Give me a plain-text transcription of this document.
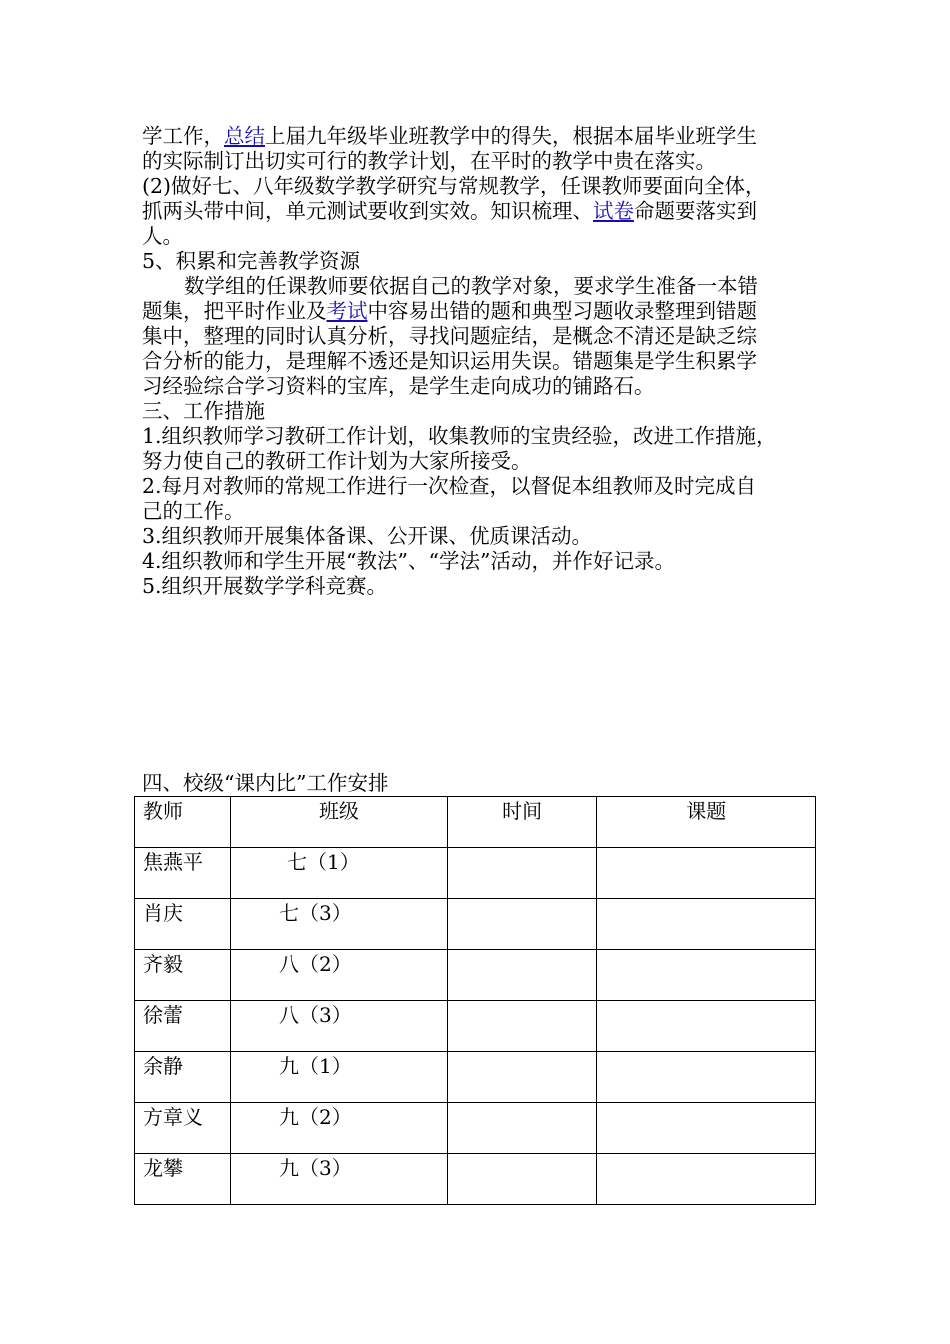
学工作，总结上届九年级毕业班教学中的得失，根据本届毕业班学生
的实际制订出切实可行的教学计划，在平时的教学中贵在落实。
(2)做好七、八年级数学教学研究与常规教学，任课教师要面向全体，
抓两头带中间，单元测试要收到实效。知识梳理、试卷命题要落实到
人。
5、积累和完善教学资源
数学组的任课教师要依据自己的教学对象，要求学生准备一本错
题集，把平时作业及考试中容易出错的题和典型习题收录整理到错题
集中，整理的同时认真分析，寻找问题症结，是概念不清还是缺乏综
合分析的能力，是理解不透还是知识运用失误。错题集是学生积累学
习经验综合学习资料的宝库，是学生走向成功的铺路石。
三、工作措施
1.组织教师学习教研工作计划，收集教师的宝贵经验，改进工作措施，
努力使自己的教研工作计划为大家所接受。
2.每月对教师的常规工作进行一次检查，以督促本组教师及时完成自
己的工作。
3.组织教师开展集体备课、公开课、优质课活动。
4.组织教师和学生开展“教法”、“学法”活动，并作好记录。
5.组织开展数学学科竞赛。
四、校级“课内比”工作安排
教师	班级	时间	课题
焦燕平	七（1）		
肖庆	七（3）		
齐毅	八（2）		
徐蕾	八（3）		
余静	九（1）		
方章义	九（2）		
龙攀	九（3）		
